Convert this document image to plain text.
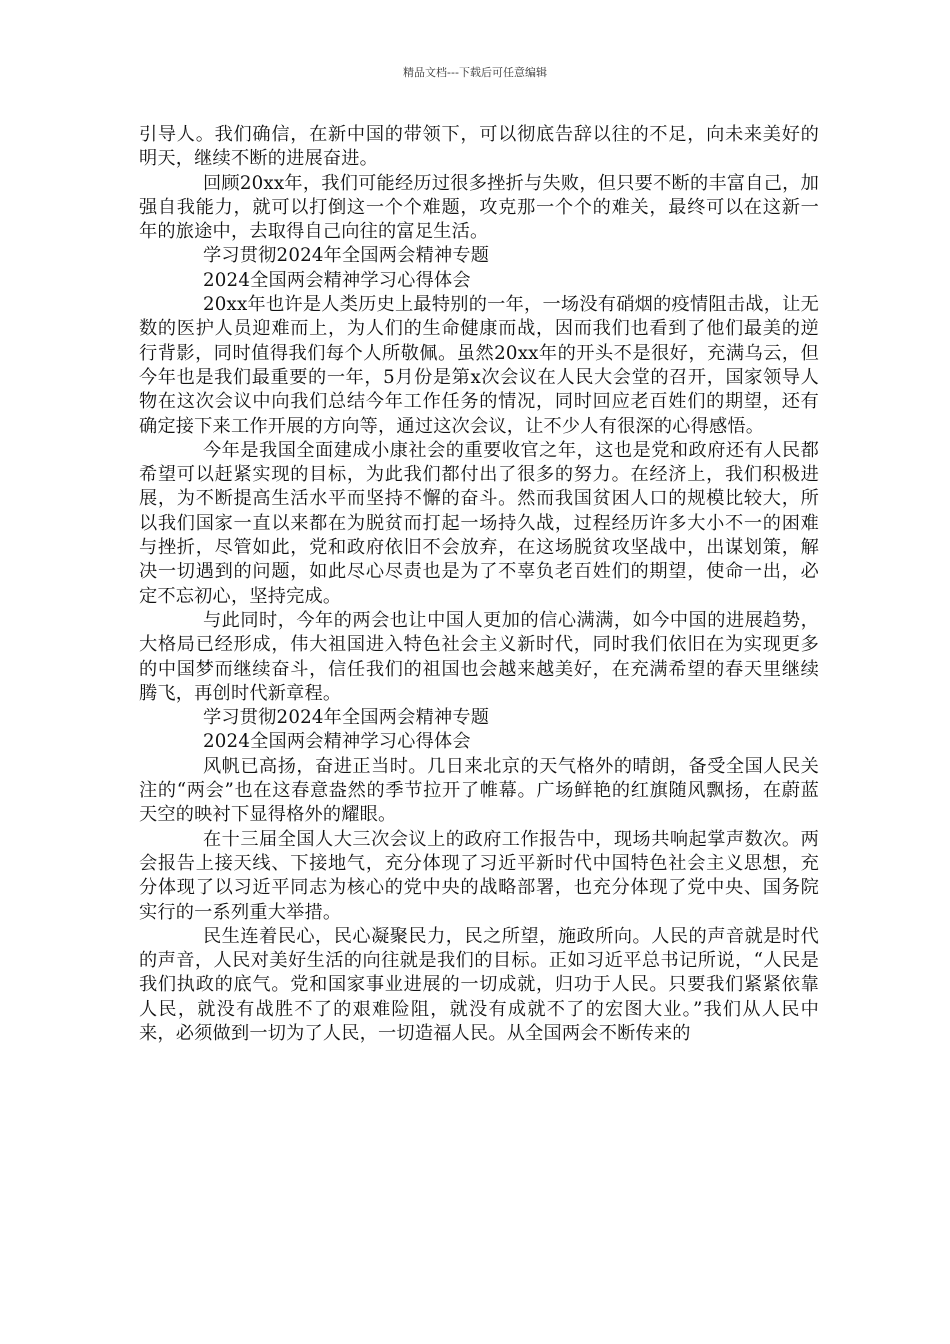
精品文档---下载后可任意编辑

引导人。我们确信，在新中国的带领下，可以彻底告辞以往的不足，向未来美好的明天，继续不断的进展奋进。

回顾20xx年，我们可能经历过很多挫折与失败，但只要不断的丰富自己，加强自我能力，就可以打倒这一个个难题，攻克那一个个的难关，最终可以在这新一年的旅途中，去取得自己向往的富足生活。

学习贯彻2024年全国两会精神专题

2024全国两会精神学习心得体会

20xx年也许是人类历史上最特别的一年，一场没有硝烟的疫情阻击战，让无数的医护人员迎难而上，为人们的生命健康而战，因而我们也看到了他们最美的逆行背影，同时值得我们每个人所敬佩。虽然20xx年的开头不是很好，充满乌云，但今年也是我们最重要的一年，5月份是第x次会议在人民大会堂的召开，国家领导人物在这次会议中向我们总结今年工作任务的情况，同时回应老百姓们的期望，还有确定接下来工作开展的方向等，通过这次会议，让不少人有很深的心得感悟。

今年是我国全面建成小康社会的重要收官之年，这也是党和政府还有人民都希望可以赶紧实现的目标，为此我们都付出了很多的努力。在经济上，我们积极进展，为不断提高生活水平而坚持不懈的奋斗。然而我国贫困人口的规模比较大，所以我们国家一直以来都在为脱贫而打起一场持久战，过程经历许多大小不一的困难与挫折，尽管如此，党和政府依旧不会放弃，在这场脱贫攻坚战中，出谋划策，解决一切遇到的问题，如此尽心尽责也是为了不辜负老百姓们的期望，使命一出，必定不忘初心，坚持完成。

与此同时，今年的两会也让中国人更加的信心满满，如今中国的进展趋势，大格局已经形成，伟大祖国进入特色社会主义新时代，同时我们依旧在为实现更多的中国梦而继续奋斗，信任我们的祖国也会越来越美好，在充满希望的春天里继续腾飞，再创时代新章程。

学习贯彻2024年全国两会精神专题

2024全国两会精神学习心得体会

风帆已高扬，奋进正当时。几日来北京的天气格外的晴朗，备受全国人民关注的“两会”也在这春意盎然的季节拉开了帷幕。广场鲜艳的红旗随风飘扬，在蔚蓝天空的映衬下显得格外的耀眼。

在十三届全国人大三次会议上的政府工作报告中，现场共响起掌声数次。两会报告上接天线、下接地气，充分体现了习近平新时代中国特色社会主义思想，充分体现了以习近平同志为核心的党中央的战略部署，也充分体现了党中央、国务院实行的一系列重大举措。

民生连着民心，民心凝聚民力，民之所望，施政所向。人民的声音就是时代的声音，人民对美好生活的向往就是我们的目标。正如习近平总书记所说，“人民是我们执政的底气。党和国家事业进展的一切成就，归功于人民。只要我们紧紧依靠人民，就没有战胜不了的艰难险阻，就没有成就不了的宏图大业。”我们从人民中来，必须做到一切为了人民，一切造福人民。从全国两会不断传来的
